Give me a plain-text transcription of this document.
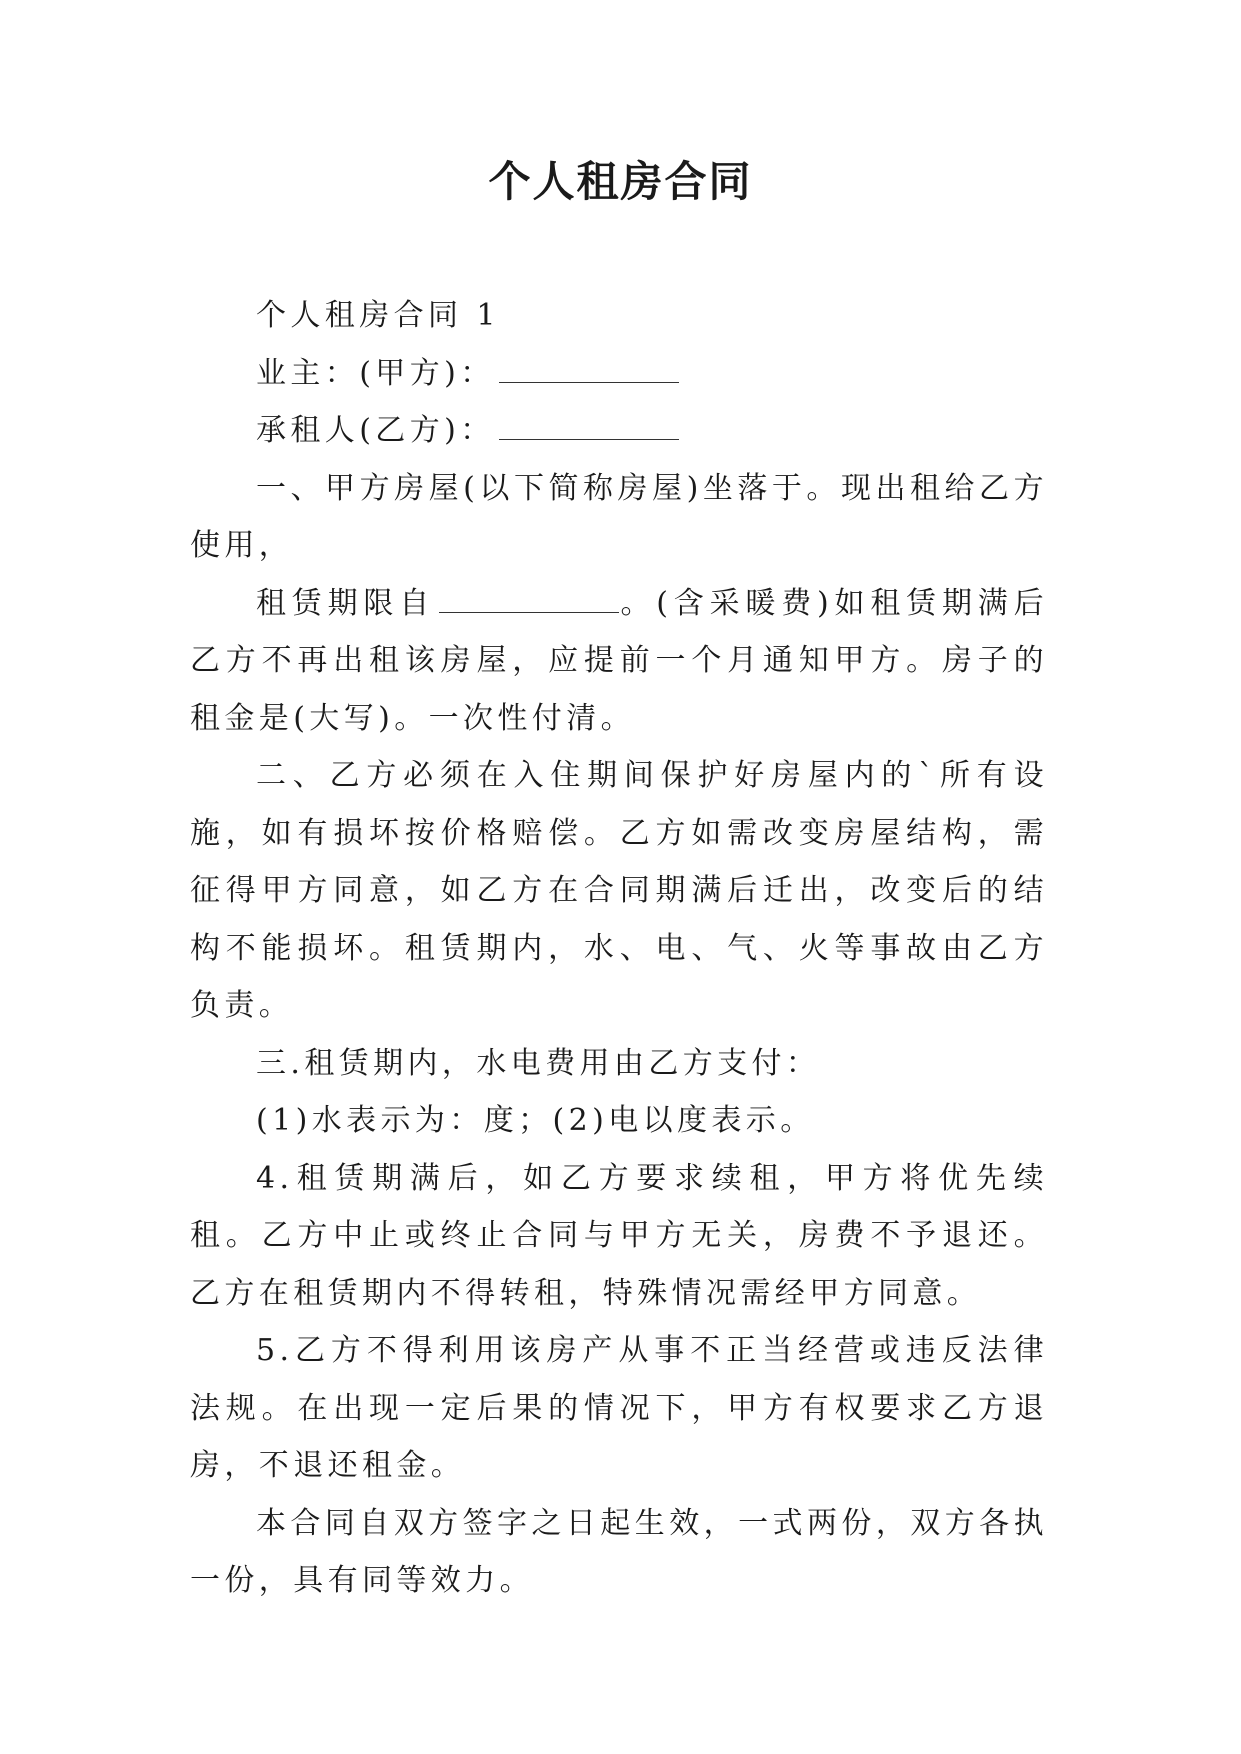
个人租房合同

个人租房合同 1

业主：(甲方)：

承租人(乙方)：

一、甲方房屋(以下简称房屋)坐落于。现出租给乙方使用，

租赁期限自	。(含采暖费)如租赁期满后乙方不再出租该房屋，应提前一个月通知甲方。房子的租金是(大写)。一次性付清。

二、乙方必须在入住期间保护好房屋内的`所有设施，如有损坏按价格赔偿。乙方如需改变房屋结构，需征得甲方同意，如乙方在合同期满后迁出，改变后的结构不能损坏。租赁期内，水、电、气、火等事故由乙方负责。

三.租赁期内，水电费用由乙方支付：

(1)水表示为：度；(2)电以度表示。

4.租赁期满后，如乙方要求续租，甲方将优先续租。乙方中止或终止合同与甲方无关，房费不予退还。乙方在租赁期内不得转租，特殊情况需经甲方同意。

5.乙方不得利用该房产从事不正当经营或违反法律法规。在出现一定后果的情况下，甲方有权要求乙方退房，不退还租金。

本合同自双方签字之日起生效，一式两份，双方各执一份，具有同等效力。
